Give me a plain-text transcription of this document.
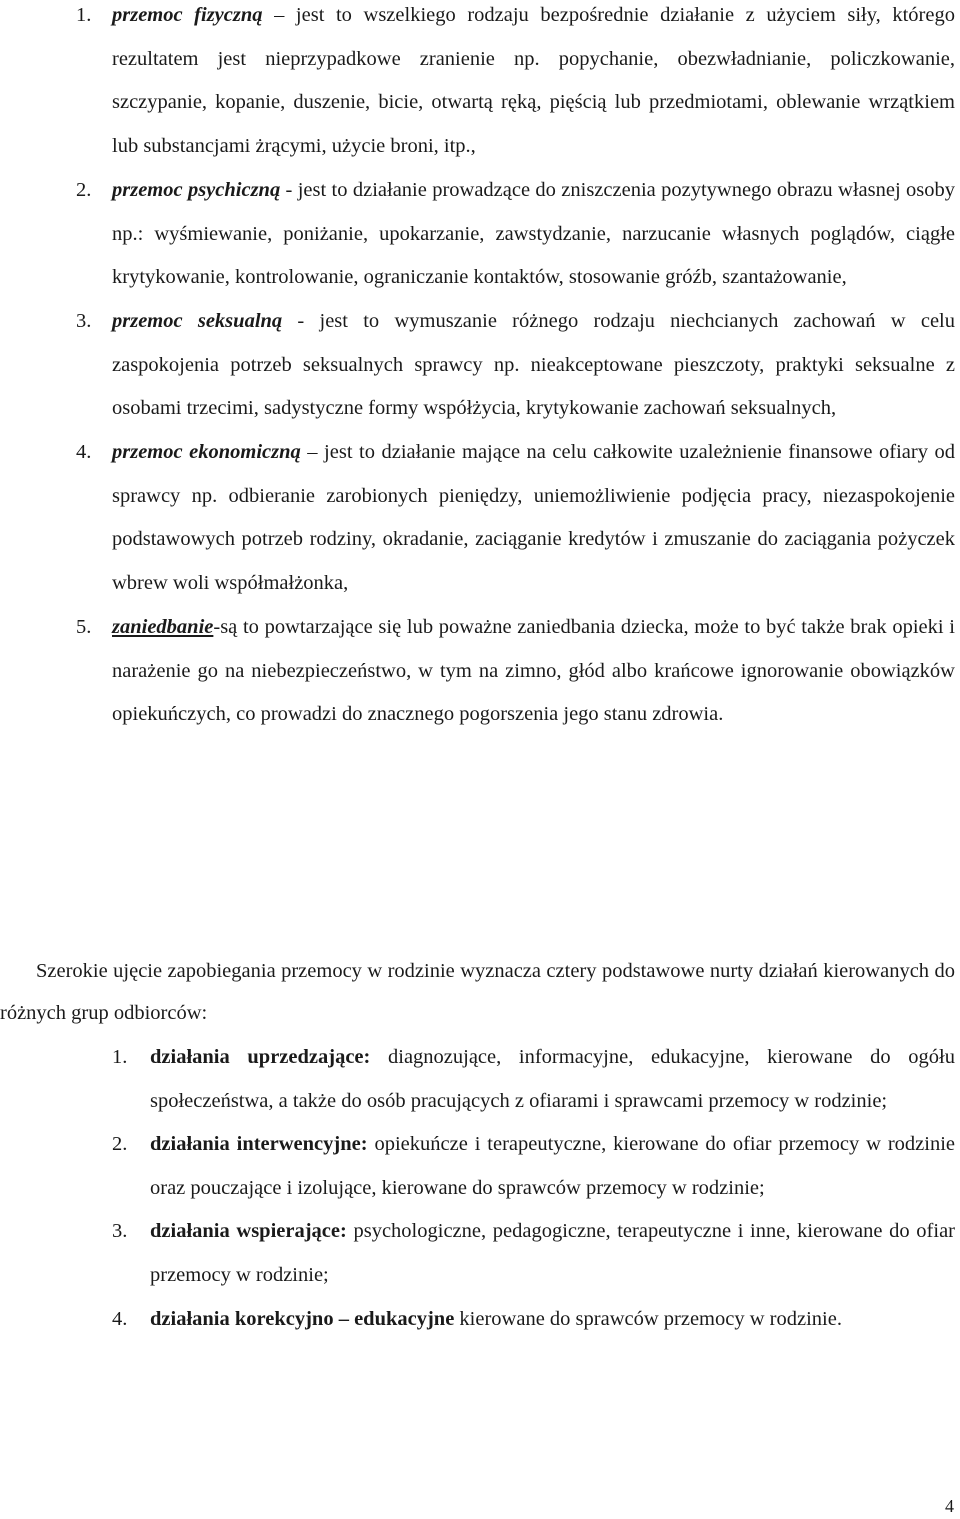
1. przemoc fizyczną – jest to wszelkiego rodzaju bezpośrednie działanie z użyciem siły, którego rezultatem jest nieprzypadkowe zranienie np. popychanie, obezwładnianie, policzkowanie, szczypanie, kopanie, duszenie, bicie, otwartą ręką, pięścią lub przedmiotami, oblewanie wrzątkiem lub substancjami żrącymi, użycie broni, itp.,
2. przemoc psychiczną - jest to działanie prowadzące do zniszczenia pozytywnego obrazu własnej osoby np.: wyśmiewanie, poniżanie, upokarzanie, zawstydzanie, narzucanie własnych poglądów, ciągłe krytykowanie, kontrolowanie, ograniczanie kontaktów, stosowanie gróźb, szantażowanie,
3. przemoc seksualną - jest to wymuszanie różnego rodzaju niechcianych zachowań w celu zaspokojenia potrzeb seksualnych sprawcy np. nieakceptowane pieszczoty, praktyki seksualne z osobami trzecimi, sadystyczne formy współżycia, krytykowanie zachowań seksualnych,
4. przemoc ekonomiczną – jest to działanie mające na celu całkowite uzależnienie finansowe ofiary od sprawcy np. odbieranie zarobionych pieniędzy, uniemożliwienie podjęcia pracy, niezaspokojenie podstawowych potrzeb rodziny, okradanie, zaciąganie kredytów i zmuszanie do zaciągania pożyczek wbrew woli współmałżonka,
5. zaniedbanie-są to powtarzające się lub poważne zaniedbania dziecka, może to być także brak opieki i narażenie go na niebezpieczeństwo, w tym na zimno, głód albo krańcowe ignorowanie obowiązków opiekuńczych, co prowadzi do znacznego pogorszenia jego stanu zdrowia.

Szerokie ujęcie zapobiegania przemocy w rodzinie wyznacza cztery podstawowe nurty działań kierowanych do różnych grup odbiorców:

1. działania uprzedzające: diagnozujące, informacyjne, edukacyjne, kierowane do ogółu społeczeństwa, a także do osób pracujących z ofiarami i sprawcami przemocy w rodzinie;
2. działania interwencyjne: opiekuńcze i terapeutyczne, kierowane do ofiar przemocy w rodzinie oraz pouczające i izolujące, kierowane do sprawców przemocy w rodzinie;
3. działania wspierające: psychologiczne, pedagogiczne, terapeutyczne i inne, kierowane do ofiar przemocy w rodzinie;
4. działania korekcyjno – edukacyjne kierowane do sprawców przemocy w rodzinie.
4
